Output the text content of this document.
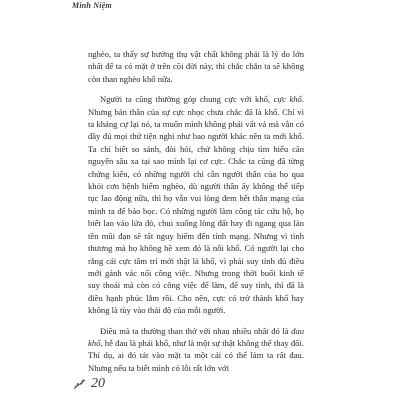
Minh Niệm

nghèo, ta thấy sự hưởng thụ vật chất không phải là lý do lớn nhất để ta có mặt ở trên cõi đời này, thì chắc chắn ta sẽ không còn than nghèo khổ nữa.

Người ta cũng thường góp chung cực với khổ, cực khổ. Nhưng bản thân của sự cực nhọc chưa chắc đã là khổ. Chỉ vì ta kháng cự lại nó, ta muốn mình không phải vất vả mà vẫn có đầy đủ mọi thứ tiện nghi như bao người khác nên ta mới khổ. Ta chỉ biết so sánh, đòi hỏi, chứ không chịu tìm hiểu căn nguyên sâu xa tại sao mình lại cơ cực. Chắc ta cũng đã từng chứng kiến, có những người chỉ cần người thân của họ qua khỏi cơn bệnh hiểm nghèo, dù người thân ấy không thể tiếp tục lao động nữa, thì họ vẫn vui lòng đem hết thân mạng của mình ra để bảo bọc. Có những người làm công tác cứu hộ, họ biết lao vào lửa đỏ, chui xuống lòng đất hay đi ngang qua làn tên mũi đạn sẽ rất nguy hiểm đến tính mạng. Nhưng vì tình thương mà họ không hề xem đó là nỗi khổ. Có người lại cho rằng cái cực tâm trí mới thật là khổ, vì phải suy tính đủ điều mới gánh vác nổi công việc. Nhưng trong thời buổi kinh tế suy thoái mà còn có công việc để làm, để suy tính, thì đã là điều hạnh phúc lắm rồi. Cho nên, cực có trở thành khổ hay không là tùy vào thái độ của mỗi người.

Điều mà ta thường than thở với nhau nhiều nhất đó là đau khổ, hễ đau là phải khổ, như là một sự thật không thể thay đổi. Thí dụ, ai đó tát vào mặt ta một cái có thể làm ta rất đau. Nhưng nếu ta biết mình có lỗi rất lớn với

20
